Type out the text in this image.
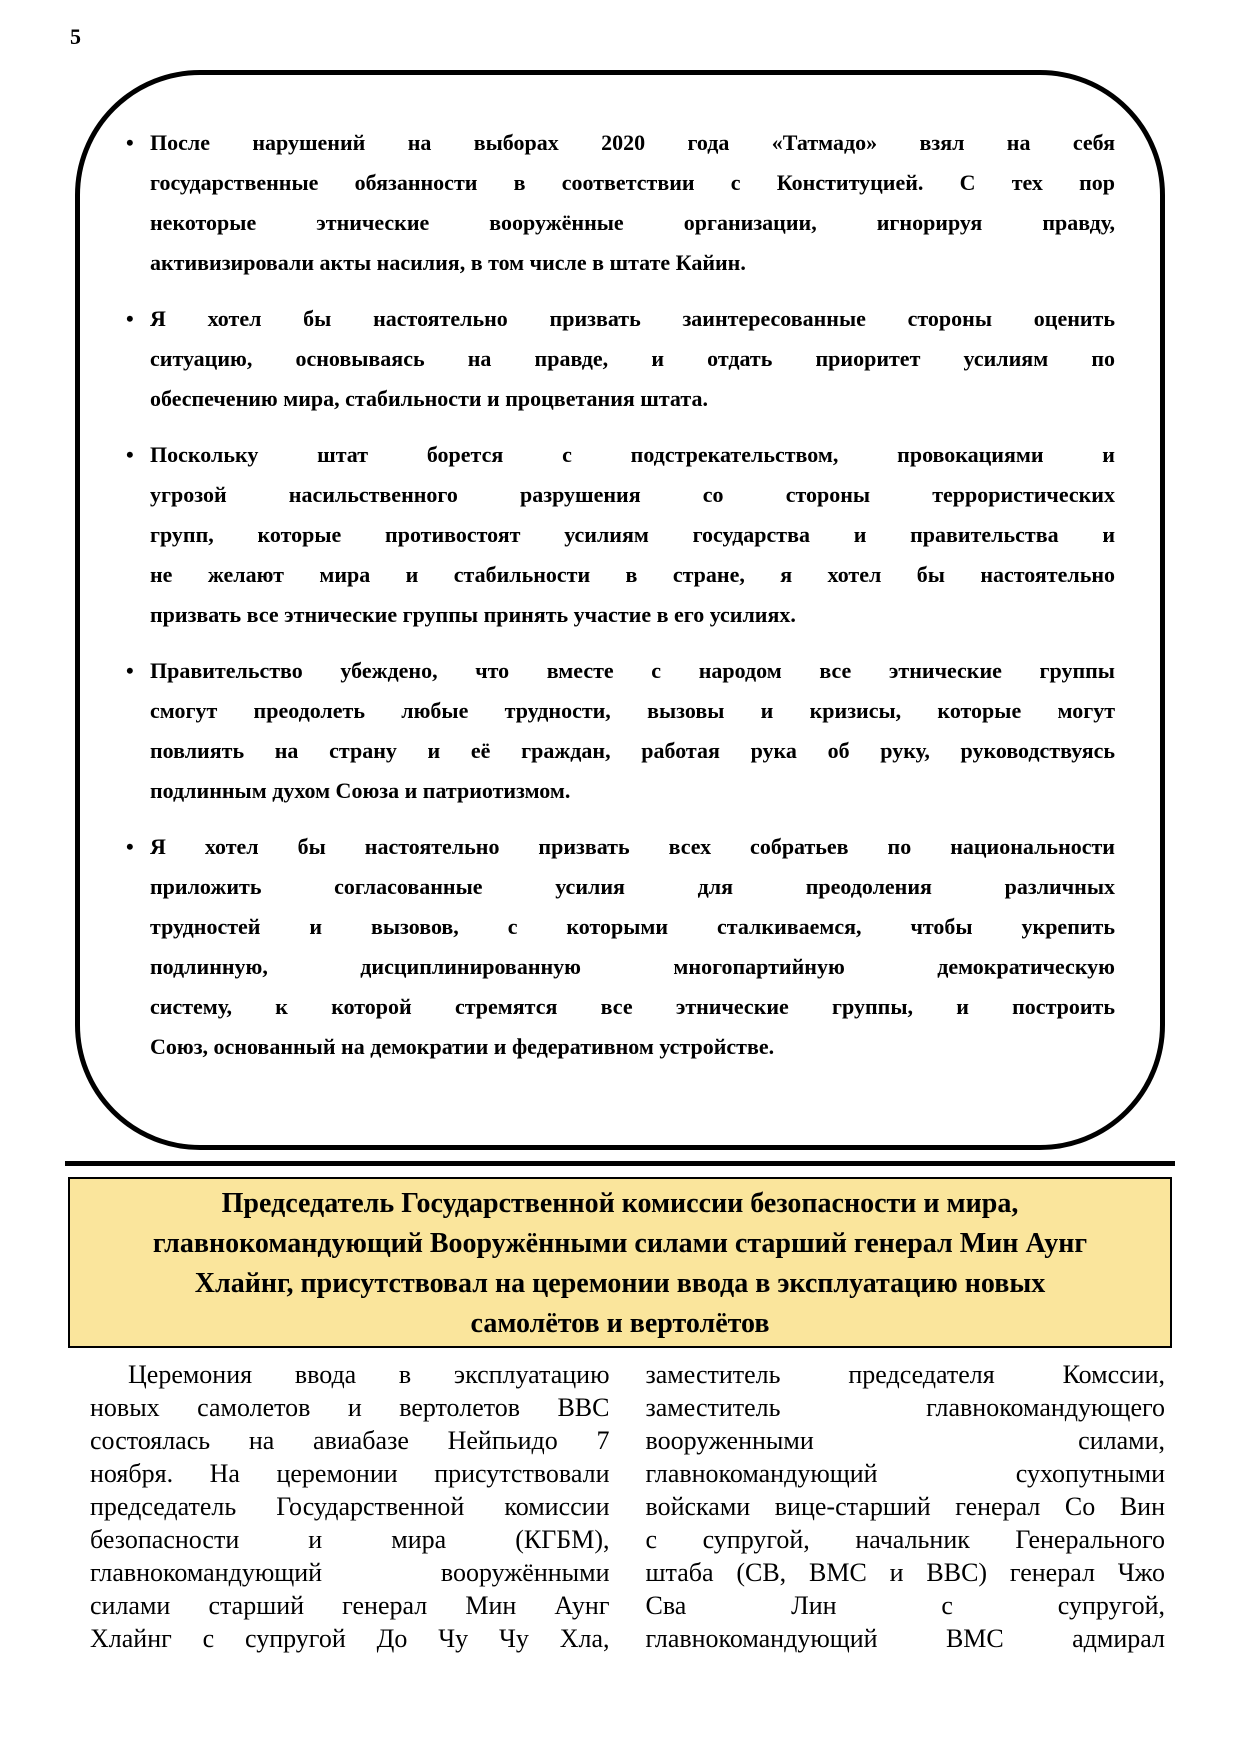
5
• После нарушений на выборах 2020 года «Татмадо» взял на себя
государственные обязанности в соответствии с Конституцией. С тех пор
некоторые этнические вооружённые организации, игнорируя правду,
активизировали акты насилия, в том числе в штате Кайин.
• Я хотел бы настоятельно призвать заинтересованные стороны оценить
ситуацию, основываясь на правде, и отдать приоритет усилиям по
обеспечению мира, стабильности и процветания штата.
• Поскольку штат борется с подстрекательством, провокациями и
угрозой насильственного разрушения со стороны террористических
групп, которые противостоят усилиям государства и правительства и
не желают мира и стабильности в стране, я хотел бы настоятельно
призвать все этнические группы принять участие в его усилиях.
• Правительство убеждено, что вместе с народом все этнические группы
смогут преодолеть любые трудности, вызовы и кризисы, которые могут
повлиять на страну и её граждан, работая рука об руку, руководствуясь
подлинным духом Союза и патриотизмом.
• Я хотел бы настоятельно призвать всех собратьев по национальности
приложить согласованные усилия для преодоления различных
трудностей и вызовов, с которыми сталкиваемся, чтобы укрепить
подлинную, дисциплинированную многопартийную демократическую
систему, к которой стремятся все этнические группы, и построить
Союз, основанный на демократии и федеративном устройстве.
Председатель Государственной комиссии безопасности и мира,
главнокомандующий Вооружёнными силами старший генерал Мин Аунг
Хлайнг, присутствовал на церемонии ввода в эксплуатацию новых
самолётов и вертолётов
Церемония ввода в эксплуатацию
новых самолетов и вертолетов ВВС
состоялась на авиабазе Нейпьидо 7
ноября. На церемонии присутствовали
председатель Государственной комиссии
безопасности и мира (КГБМ),
главнокомандующий вооружёнными
силами старший генерал Мин Аунг
Хлайнг с супругой До Чу Чу Хла,
заместитель председателя Комссии,
заместитель главнокомандующего
вооруженными силами,
главнокомандующий сухопутными
войсками вице-старший генерал Со Вин
с супругой, начальник Генерального
штаба (СВ, ВМС и ВВС) генерал Чжо
Сва Лин с супругой,
главнокомандующий ВМС адмирал
